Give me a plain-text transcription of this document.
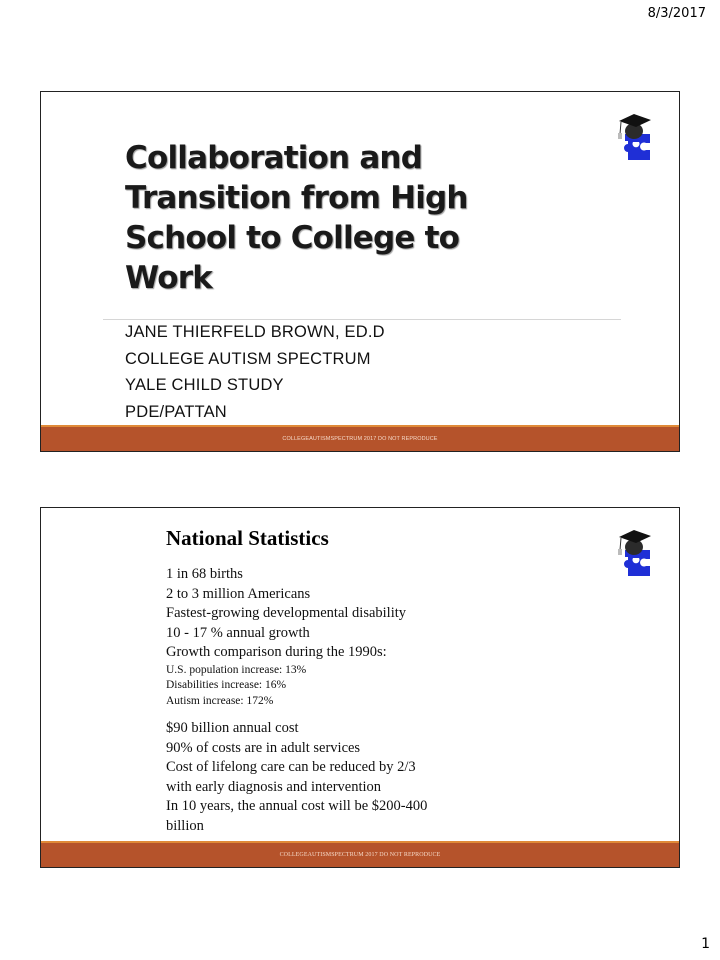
8/3/2017
Collaboration and
Transition from High
School to College to
Work
JANE THIERFELD BROWN, ED.D
COLLEGE AUTISM SPECTRUM
YALE CHILD STUDY
PDE/PATTAN
COLLEGEAUTISMSPECTRUM 2017 DO NOT REPRODUCE
National Statistics
1 in 68 births
2 to 3 million Americans
Fastest-growing developmental disability
10 - 17 % annual growth
Growth comparison during the 1990s:
U.S. population increase: 13%
Disabilities increase: 16%
Autism increase: 172%
$90 billion annual cost
90% of costs are in adult services
Cost of lifelong care can be reduced by 2/3
with early diagnosis and intervention
In 10 years, the annual cost will be $200-400
billion
COLLEGEAUTISMSPECTRUM 2017 DO NOT REPRODUCE
1
